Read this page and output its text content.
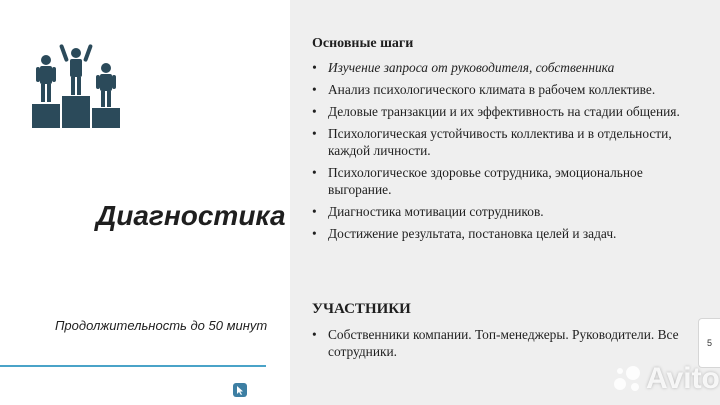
Диагностика
Продолжительность до 50 минут
Основные шаги
• Изучение запроса от руководителя, собственника
• Анализ психологического климата в рабочем коллективе.
• Деловые транзакции и их эффективность на стадии общения.
• Психологическая устойчивость коллектива и в отдельности, каждой личности.
• Психологическое здоровье сотрудника, эмоциональное выгорание.
• Диагностика мотивации сотрудников.
• Достижение результата, постановка целей и задач.
УЧАСТНИКИ
• Собственники компании. Топ-менеджеры. Руководители. Все сотрудники.
5
Avito
